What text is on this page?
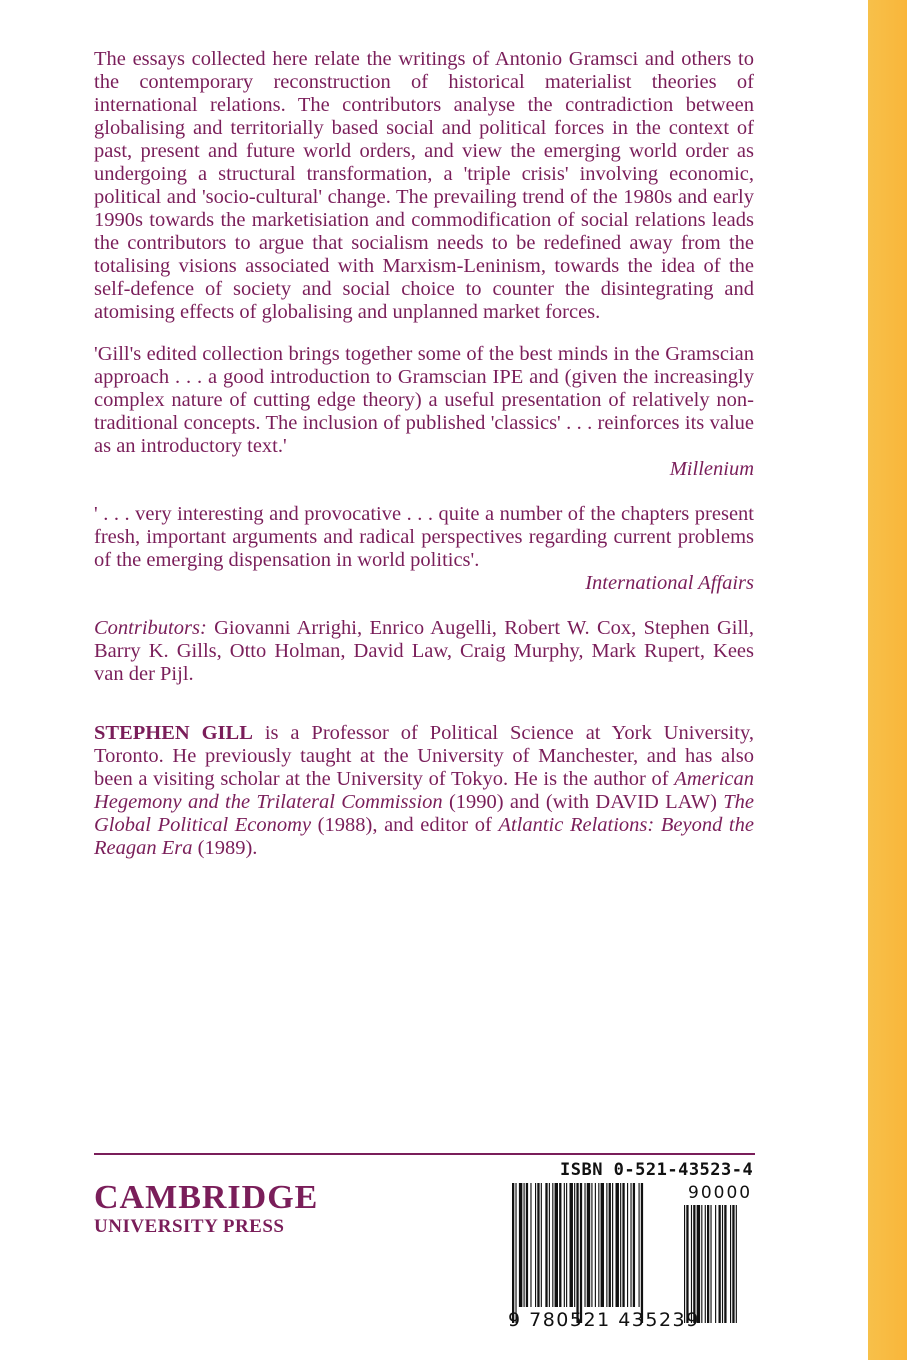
The essays collected here relate the writings of Antonio Gramsci and others to the contemporary reconstruction of historical materialist theories of international relations. The contributors analyse the contradiction between globalising and territorially based social and political forces in the context of past, present and future world orders, and view the emerging world order as undergoing a structural transformation, a 'triple crisis' involving economic, political and 'socio-cultural' change. The prevailing trend of the 1980s and early 1990s towards the marketisiation and commodification of social relations leads the contributors to argue that socialism needs to be redefined away from the totalising visions associated with Marxism-Leninism, towards the idea of the self-defence of society and social choice to counter the disintegrating and atomising effects of globalising and unplanned market forces.

'Gill's edited collection brings together some of the best minds in the Gramscian approach . . . a good introduction to Gramscian IPE and (given the increasingly complex nature of cutting edge theory) a useful presentation of relatively non-traditional concepts. The inclusion of published 'classics' . . . reinforces its value as an introductory text.'

Millenium

' . . . very interesting and provocative . . . quite a number of the chapters present fresh, important arguments and radical perspectives regarding current problems of the emerging dispensation in world politics'.

International Affairs

Contributors: Giovanni Arrighi, Enrico Augelli, Robert W. Cox, Stephen Gill, Barry K. Gills, Otto Holman, David Law, Craig Murphy, Mark Rupert, Kees van der Pijl.

STEPHEN GILL is a Professor of Political Science at York University, Toronto. He previously taught at the University of Manchester, and has also been a visiting scholar at the University of Tokyo. He is the author of American Hegemony and the Trilateral Commission (1990) and (with DAVID LAW) The Global Political Economy (1988), and editor of Atlantic Relations: Beyond the Reagan Era (1989).

CAMBRIDGE
UNIVERSITY PRESS
ISBN 0-521-43523-4
9 780521 435239
90000
